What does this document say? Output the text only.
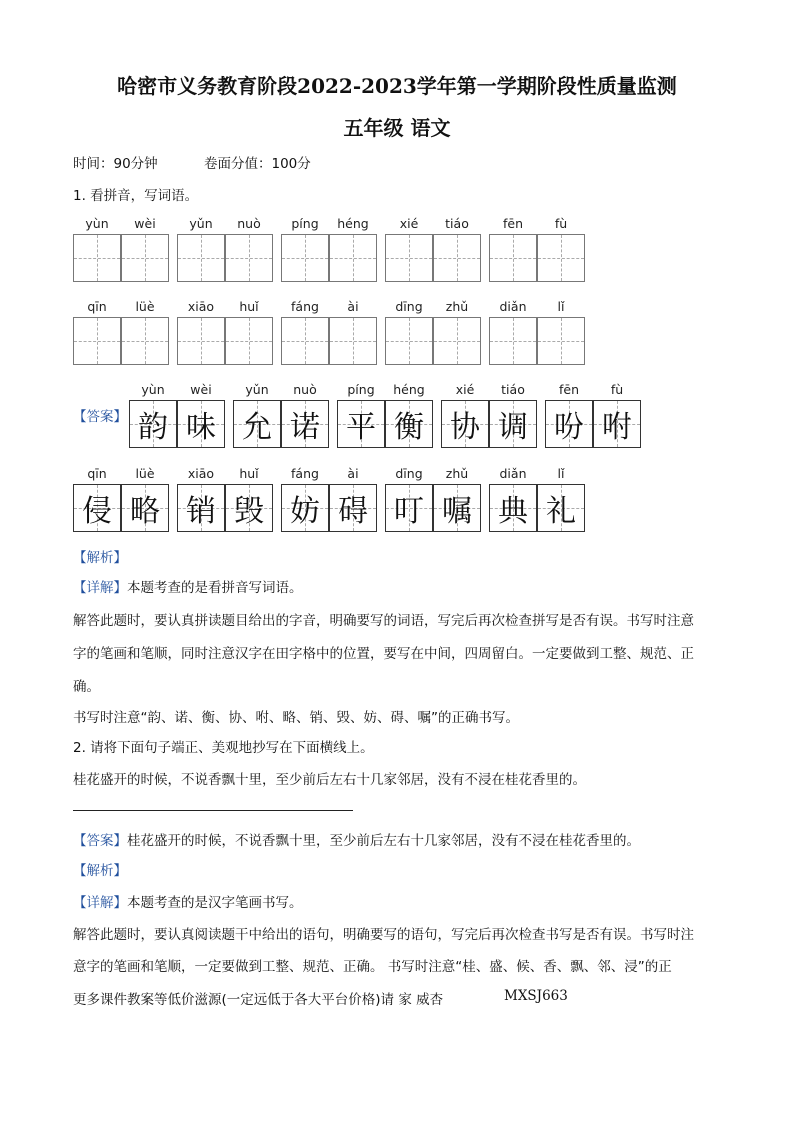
哈密市义务教育阶段2022-2023学年第一学期阶段性质量监测
五年级 语文
时间：90分钟	卷面分值：100分
1. 看拼音，写词语。
yùn	wèi	yǔn	nuò	píng	héng	xié	tiáo	fēn	fù
qīn	lüè	xiāo	huǐ	fáng	ài	dīng	zhǔ	diǎn	lǐ
【答案】
yùn
韵
wèi
味
yǔn
允
nuò
诺
píng
平
héng
衡
xié
协
tiáo
调
fēn
吩
fù
咐
qīn
侵
lüè
略
xiāo
销
huǐ
毁
fáng
妨
ài
碍
dīng
叮
zhǔ
嘱
diǎn
典
lǐ
礼
【解析】
【详解】本题考查的是看拼音写词语。
解答此题时，要认真拼读题目给出的字音，明确要写的词语，写完后再次检查拼写是否有误。书写时注意
字的笔画和笔顺，同时注意汉字在田字格中的位置，要写在中间，四周留白。一定要做到工整、规范、正
确。
书写时注意“韵、诺、衡、协、咐、略、销、毁、妨、碍、嘱”的正确书写。
2. 请将下面句子端正、美观地抄写在下面横线上。
桂花盛开的时候，不说香飘十里，至少前后左右十几家邻居，没有不浸在桂花香里的。
【答案】桂花盛开的时候，不说香飘十里，至少前后左右十几家邻居，没有不浸在桂花香里的。
【解析】
【详解】本题考查的是汉字笔画书写。
解答此题时，要认真阅读题干中给出的语句，明确要写的语句，写完后再次检查书写是否有误。书写时注
意字的笔画和笔顺，一定要做到工整、规范、正确。 书写时注意“桂、盛、候、香、飘、邻、浸”的正
更多课件教案等低价滋源(一定远低于各大平台价格)请 家 威杏	MXSJ663
